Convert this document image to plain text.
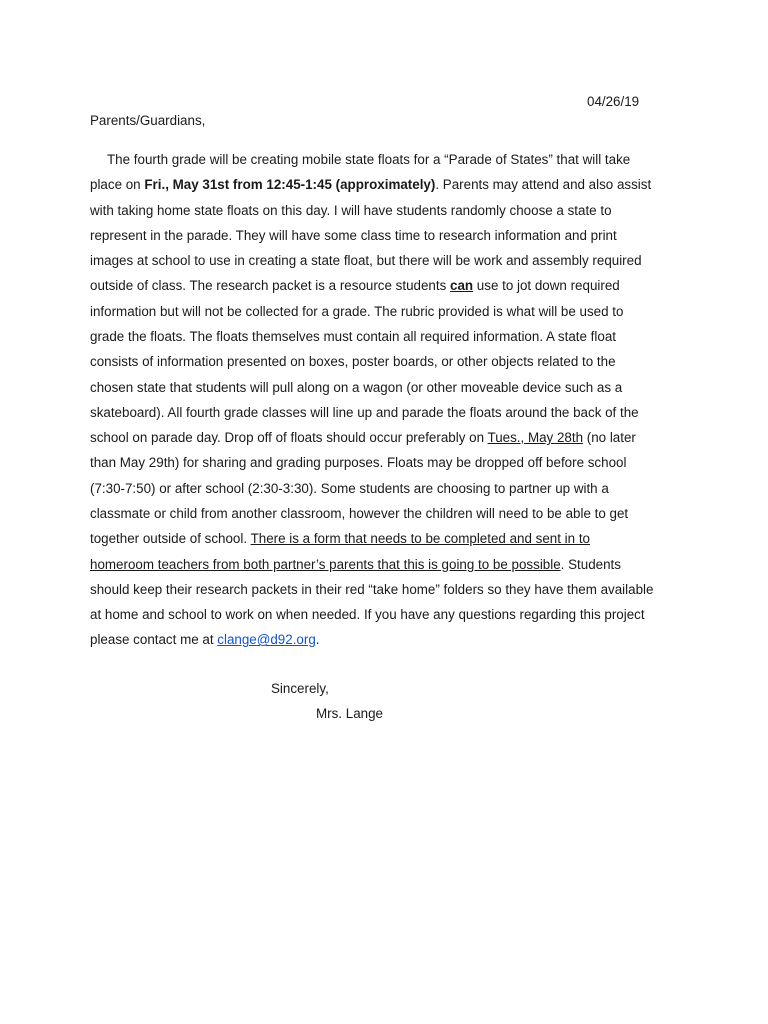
04/26/19
Parents/Guardians,
The fourth grade will be creating mobile state floats for a “Parade of States” that will take
place on Fri., May 31st from 12:45-1:45 (approximately). Parents may attend and also assist
with taking home state floats on this day. I will have students randomly choose a state to
represent in the parade. They will have some class time to research information and print
images at school to use in creating a state float, but there will be work and assembly required
outside of class. The research packet is a resource students can use to jot down required
information but will not be collected for a grade. The rubric provided is what will be used to
grade the floats. The floats themselves must contain all required information. A state float
consists of information presented on boxes, poster boards, or other objects related to the
chosen state that students will pull along on a wagon (or other moveable device such as a
skateboard). All fourth grade classes will line up and parade the floats around the back of the
school on parade day. Drop off of floats should occur preferably on Tues., May 28th (no later
than May 29th) for sharing and grading purposes. Floats may be dropped off before school
(7:30-7:50) or after school (2:30-3:30). Some students are choosing to partner up with a
classmate or child from another classroom, however the children will need to be able to get
together outside of school. There is a form that needs to be completed and sent in to
homeroom teachers from both partner’s parents that this is going to be possible. Students
should keep their research packets in their red “take home” folders so they have them available
at home and school to work on when needed. If you have any questions regarding this project
please contact me at clange@d92.org.
Sincerely,
Mrs. Lange
